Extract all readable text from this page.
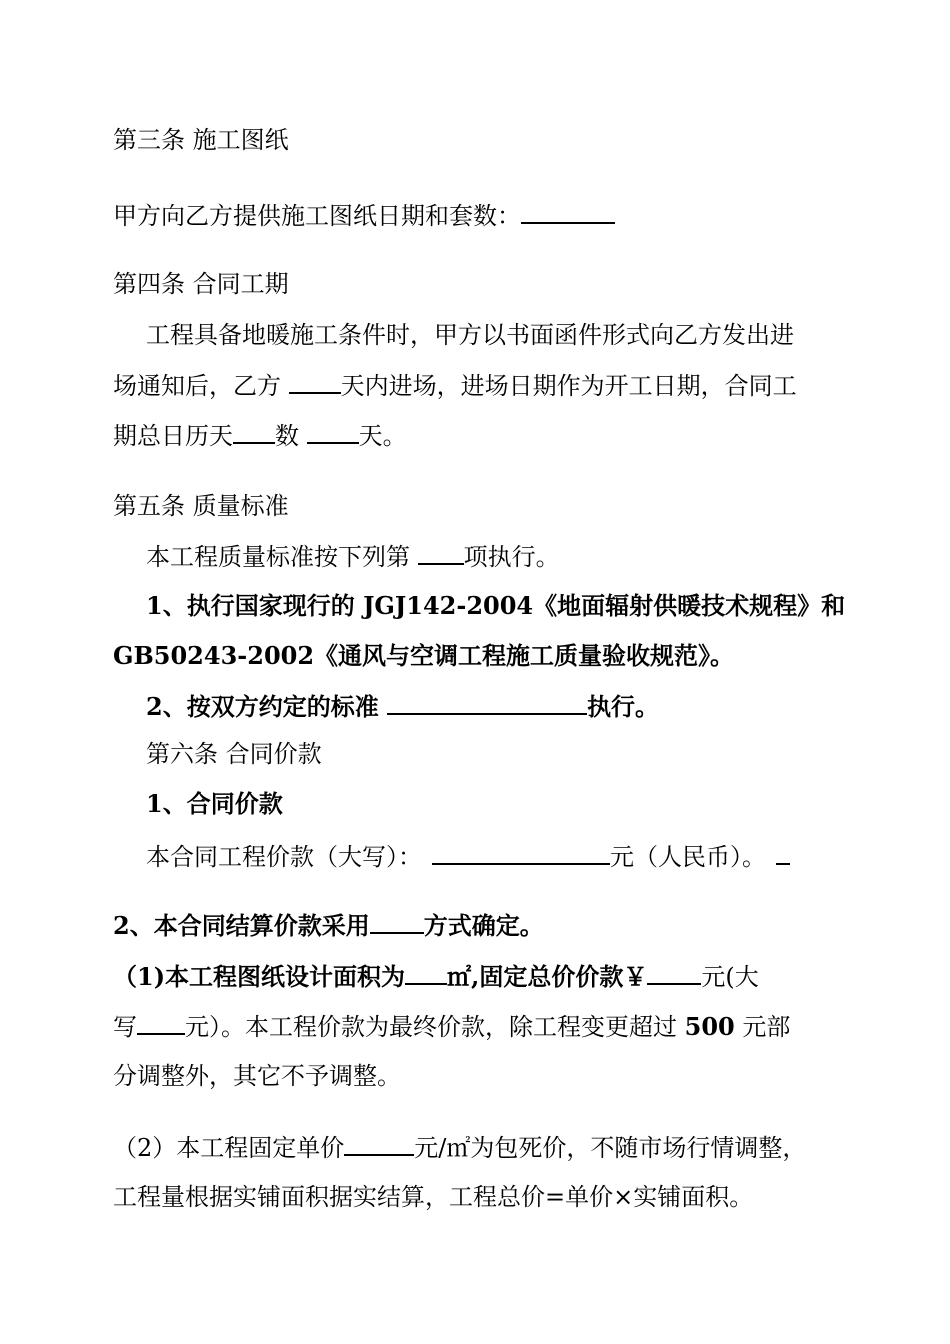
第三条 施工图纸
甲方向乙方提供施工图纸日期和套数：
第四条 合同工期
工程具备地暖施工条件时，甲方以书面函件形式向乙方发出进
场通知后，乙方 天内进场，进场日期作为开工日期，合同工
期总日历天 数 天。
第五条 质量标准
本工程质量标准按下列第 项执行。
1、执行国家现行的 JGJ142-2004《地面辐射供暖技术规程》和
GB50243-2002《通风与空调工程施工质量验收规范》。
2、按双方约定的标准	执行。
第六条 合同价款
1、合同价款
本合同工程价款（大写）：	元（人民币）。
2、本合同结算价款采用 方式确定。
（1)本工程图纸设计面积为 ㎡,固定总价价款￥ 元(大
写 元）。本工程价款为最终价款，除工程变更超过 500 元部
分调整外，其它不予调整。
（2）本工程固定单价	元/㎡为包死价，不随市场行情调整，
工程量根据实铺面积据实结算，工程总价=单价×实铺面积。
